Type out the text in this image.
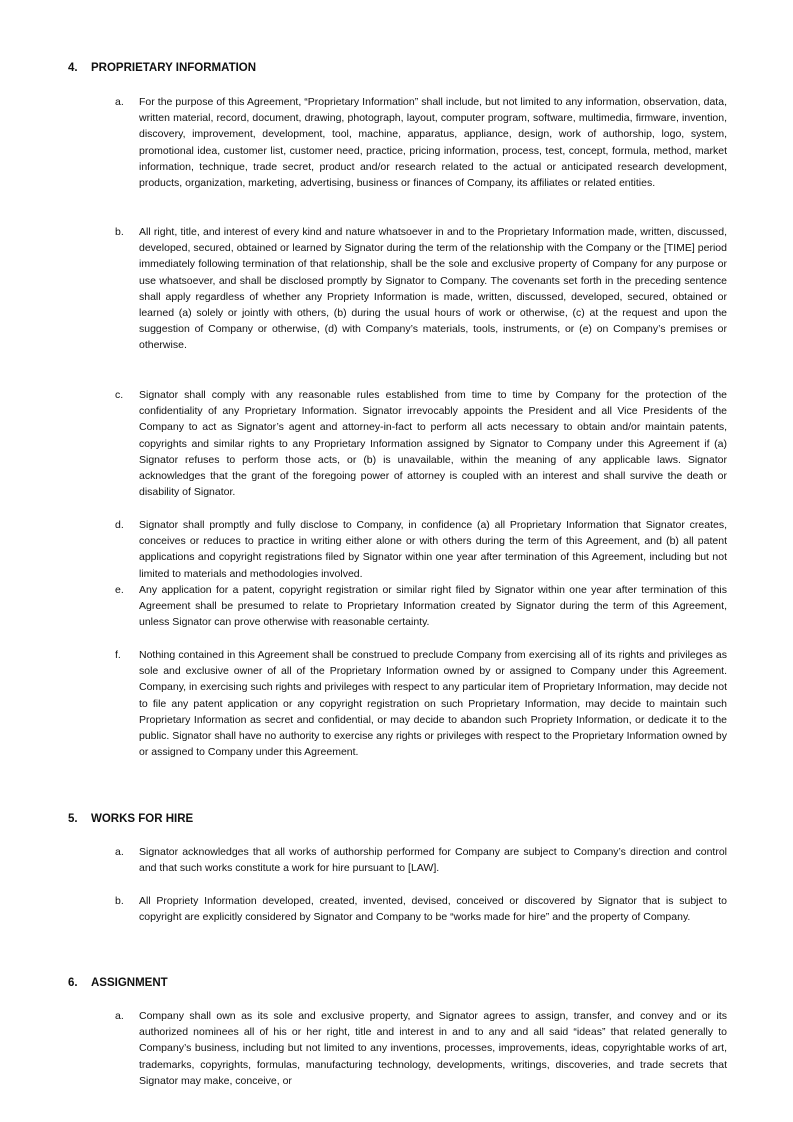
4. PROPRIETARY INFORMATION
a.	For the purpose of this Agreement, “Proprietary Information” shall include, but not limited to any information, observation, data, written material, record, document, drawing, photograph, layout, computer program, software, multimedia, firmware, invention, discovery, improvement, development, tool, machine, apparatus, appliance, design, work of authorship, logo, system, promotional idea, customer list, customer need, practice, pricing information, process, test, concept, formula, method, market information, technique, trade secret, product and/or research related to the actual or anticipated research development, products, organization, marketing, advertising, business or finances of Company, its affiliates or related entities.
b.	All right, title, and interest of every kind and nature whatsoever in and to the Proprietary Information made, written, discussed, developed, secured, obtained or learned by Signator during the term of the relationship with the Company or the [TIME] period immediately following termination of that relationship, shall be the sole and exclusive property of Company for any purpose or use whatsoever, and shall be disclosed promptly by Signator to Company. The covenants set forth in the preceding sentence shall apply regardless of whether any Propriety Information is made, written, discussed, developed, secured, obtained or learned (a) solely or jointly with others, (b) during the usual hours of work or otherwise, (c) at the request and upon the suggestion of Company or otherwise, (d) with Company’s materials, tools, instruments, or (e) on Company’s premises or otherwise.
c.	Signator shall comply with any reasonable rules established from time to time by Company for the protection of the confidentiality of any Proprietary Information. Signator irrevocably appoints the President and all Vice Presidents of the Company to act as Signator’s agent and attorney-in-fact to perform all acts necessary to obtain and/or maintain patents, copyrights and similar rights to any Proprietary Information assigned by Signator to Company under this Agreement if (a) Signator refuses to perform those acts, or (b) is unavailable, within the meaning of any applicable laws. Signator acknowledges that the grant of the foregoing power of attorney is coupled with an interest and shall survive the death or disability of Signator.
d.	Signator shall promptly and fully disclose to Company, in confidence (a) all Proprietary Information that Signator creates, conceives or reduces to practice in writing either alone or with others during the term of this Agreement, and (b) all patent applications and copyright registrations filed by Signator within one year after termination of this Agreement, including but not limited to materials and methodologies involved.
e.	Any application for a patent, copyright registration or similar right filed by Signator within one year after termination of this Agreement shall be presumed to relate to Proprietary Information created by Signator during the term of this Agreement, unless Signator can prove otherwise with reasonable certainty.
f.	Nothing contained in this Agreement shall be construed to preclude Company from exercising all of its rights and privileges as sole and exclusive owner of all of the Proprietary Information owned by or assigned to Company under this Agreement. Company, in exercising such rights and privileges with respect to any particular item of Proprietary Information, may decide not to file any patent application or any copyright registration on such Proprietary Information, may decide to maintain such Proprietary Information as secret and confidential, or may decide to abandon such Propriety Information, or dedicate it to the public. Signator shall have no authority to exercise any rights or privileges with respect to the Proprietary Information owned by or assigned to Company under this Agreement.
5. WORKS FOR HIRE
a.	Signator acknowledges that all works of authorship performed for Company are subject to Company’s direction and control and that such works constitute a work for hire pursuant to [LAW].
b.	All Propriety Information developed, created, invented, devised, conceived or discovered by Signator that is subject to copyright are explicitly considered by Signator and Company to be “works made for hire” and the property of Company.
6. ASSIGNMENT
a.	Company shall own as its sole and exclusive property, and Signator agrees to assign, transfer, and convey and or its authorized nominees all of his or her right, title and interest in and to any and all said “ideas” that related generally to Company’s business, including but not limited to any inventions, processes, improvements, ideas, copyrightable works of art, trademarks, copyrights, formulas, manufacturing technology, developments, writings, discoveries, and trade secrets that Signator may make, conceive, or
